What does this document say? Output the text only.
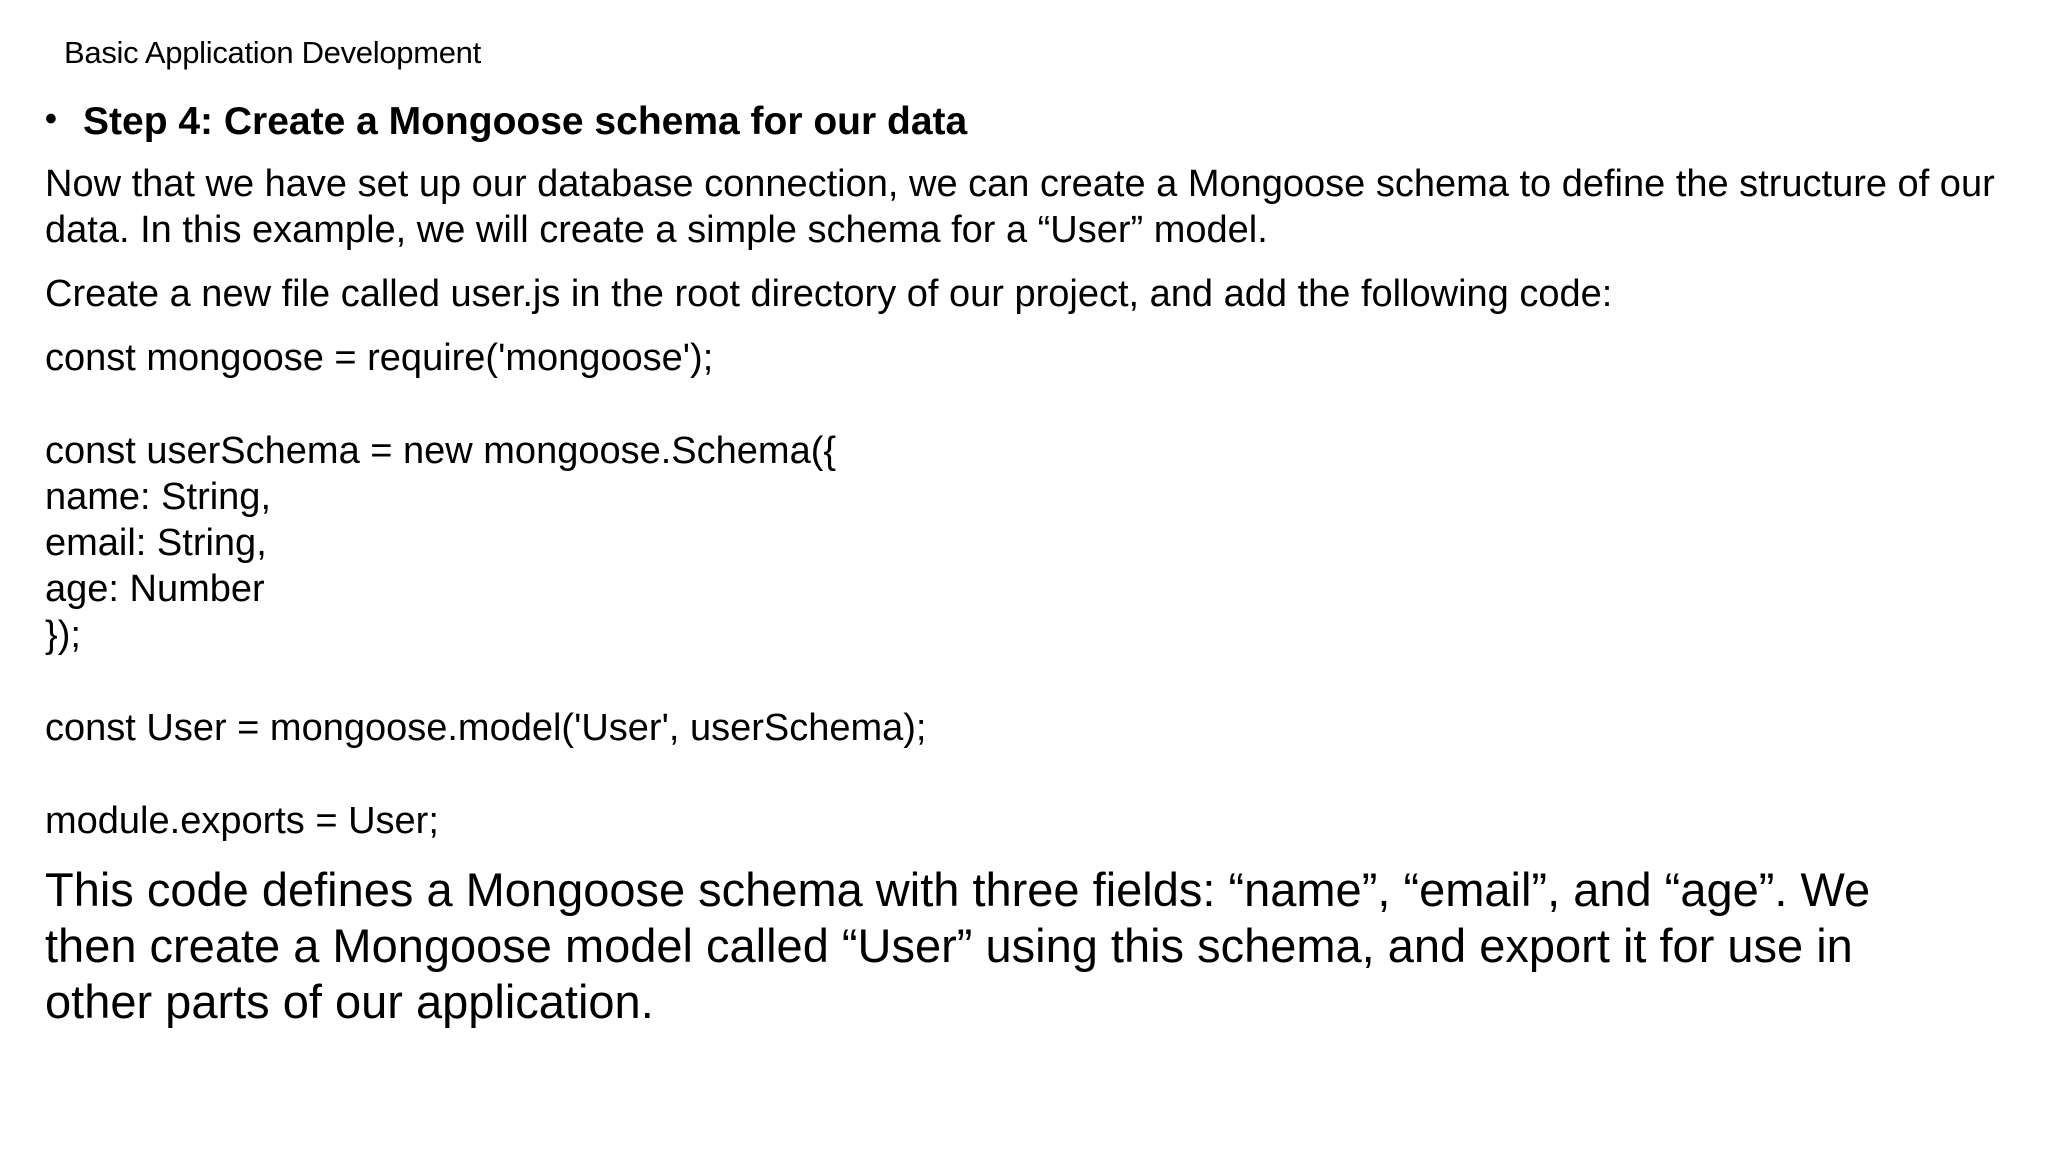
Basic Application Development
• Step 4: Create a Mongoose schema for our data

Now that we have set up our database connection, we can create a Mongoose schema to define the structure of our data. In this example, we will create a simple schema for a “User” model.

Create a new file called user.js in the root directory of our project, and add the following code:

const mongoose = require('mongoose');

const userSchema = new mongoose.Schema({

name: String,

email: String,

age: Number

});

const User = mongoose.model('User', userSchema);

module.exports = User;

This code defines a Mongoose schema with three fields: “name”, “email”, and “age”. We then create a Mongoose model called “User” using this schema, and export it for use in other parts of our application.
